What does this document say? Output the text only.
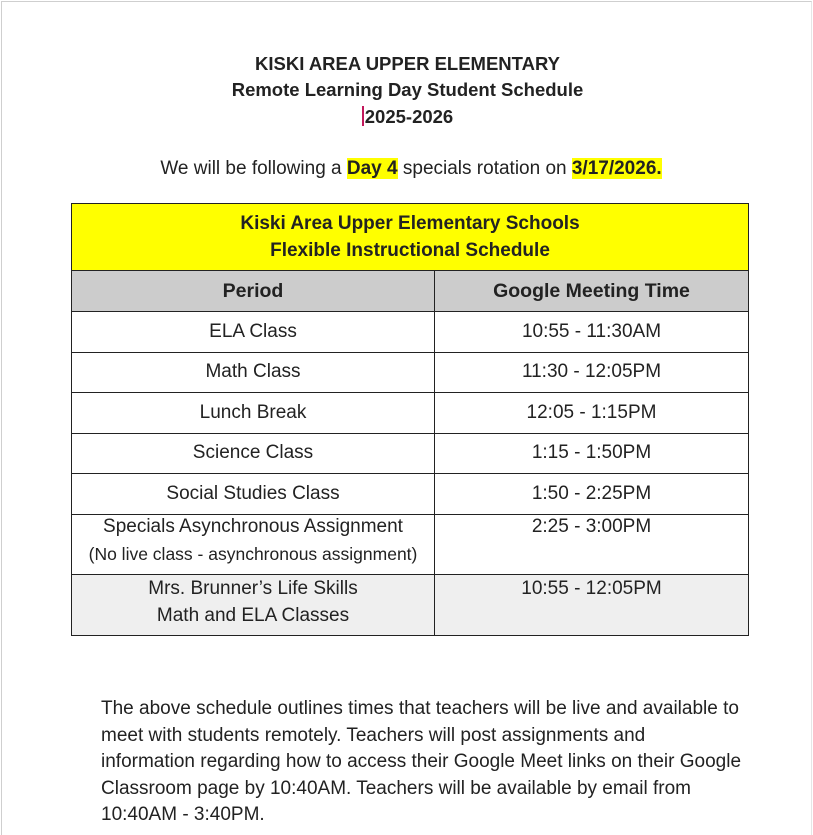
KISKI AREA UPPER ELEMENTARY
Remote Learning Day Student Schedule
2025-2026
We will be following a Day 4 specials rotation on 3/17/2026.
Kiski Area Upper Elementary Schools
Flexible Instructional Schedule	

Period	Google Meeting Time
ELA Class	10:55 - 11:30AM
Math Class	11:30 - 12:05PM
Lunch Break	12:05 - 1:15PM
Science Class	1:15 - 1:50PM
Social Studies Class	1:50 - 2:25PM

Specials Asynchronous Assignment
(No live class - asynchronous assignment)	2:25 - 3:00PM

Mrs. Brunner’s Life Skills
Math and ELA Classes	10:55 - 12:05PM
The above schedule outlines times that teachers will be live and available to meet with students remotely. Teachers will post assignments and information regarding how to access their Google Meet links on their Google Classroom page by 10:40AM. Teachers will be available by email from 10:40AM - 3:40PM.
